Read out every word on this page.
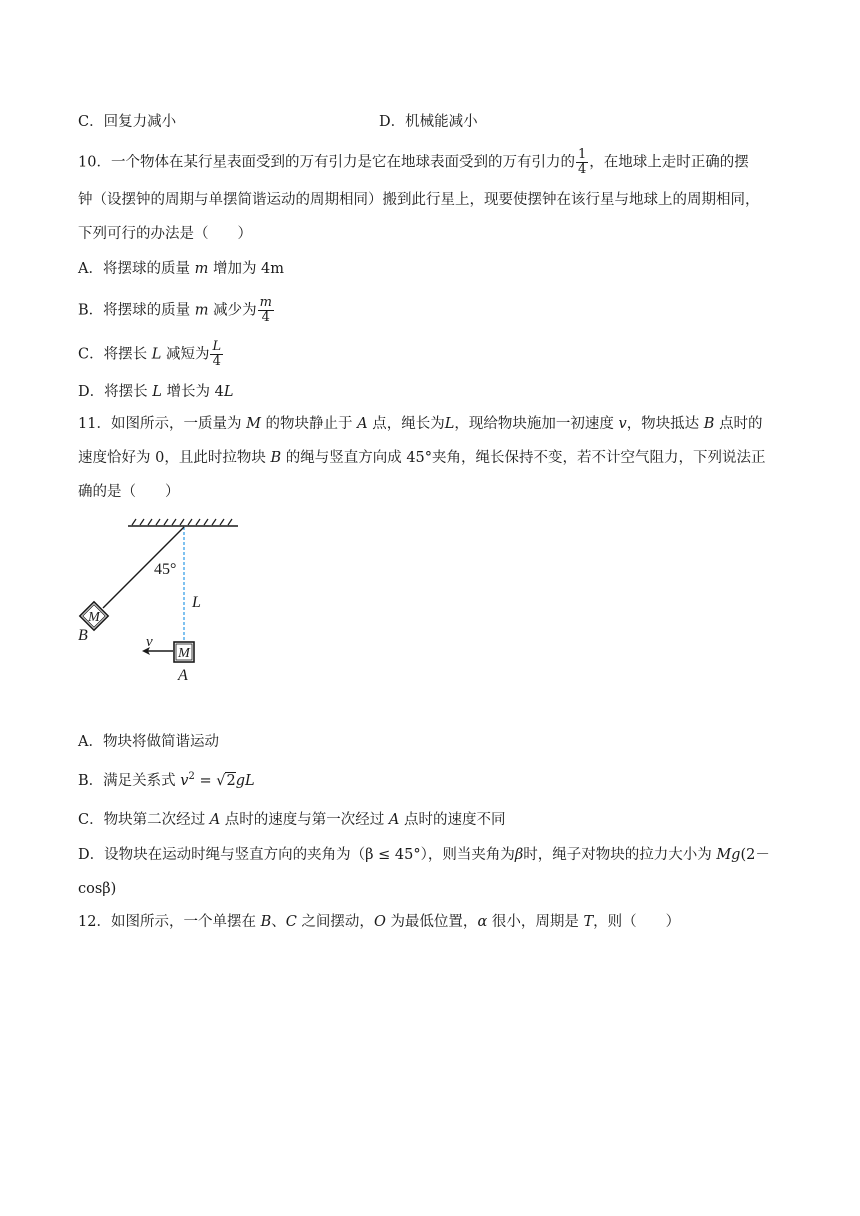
C．回复力减小	D．机械能减小
10．一个物体在某行星表面受到的万有引力是它在地球表面受到的万有引力的 $\frac{1}{4}$ ，在地球上走时正确的摆
钟（设摆钟的周期与单摆简谐运动的周期相同）搬到此行星上，现要使摆钟在该行星与地球上的周期相同，
下列可行的办法是（　　）
A．将摆球的质量 m 增加为 4m
B．将摆球的质量 m 减少为 $\frac{m}{4}$
C．将摆长 L 减短为 $\frac{L}{4}$
D．将摆长 L 增长为 4L
11．如图所示，一质量为 M 的物块静止于 A 点，绳长为L，现给物块施加一初速度 v，物块抵达 B 点时的
速度恰好为 0，且此时拉物块 B 的绳与竖直方向成 45°夹角，绳长保持不变，若不计空气阻力，下列说法正
确的是（　　）
M
M
v
45°
L
B
A
A．物块将做简谐运动
B．满足关系式 $v^2 = √2gL$
C．物块第二次经过 A 点时的速度与第一次经过 A 点时的速度不同
D．设物块在运动时绳与竖直方向的夹角为（β ≤ 45°），则当夹角为β时，绳子对物块的拉力大小为 Mg(2－
cosβ)
12．如图所示，一个单摆在 B、C 之间摆动，O 为最低位置，α 很小，周期是 T，则（　　）
